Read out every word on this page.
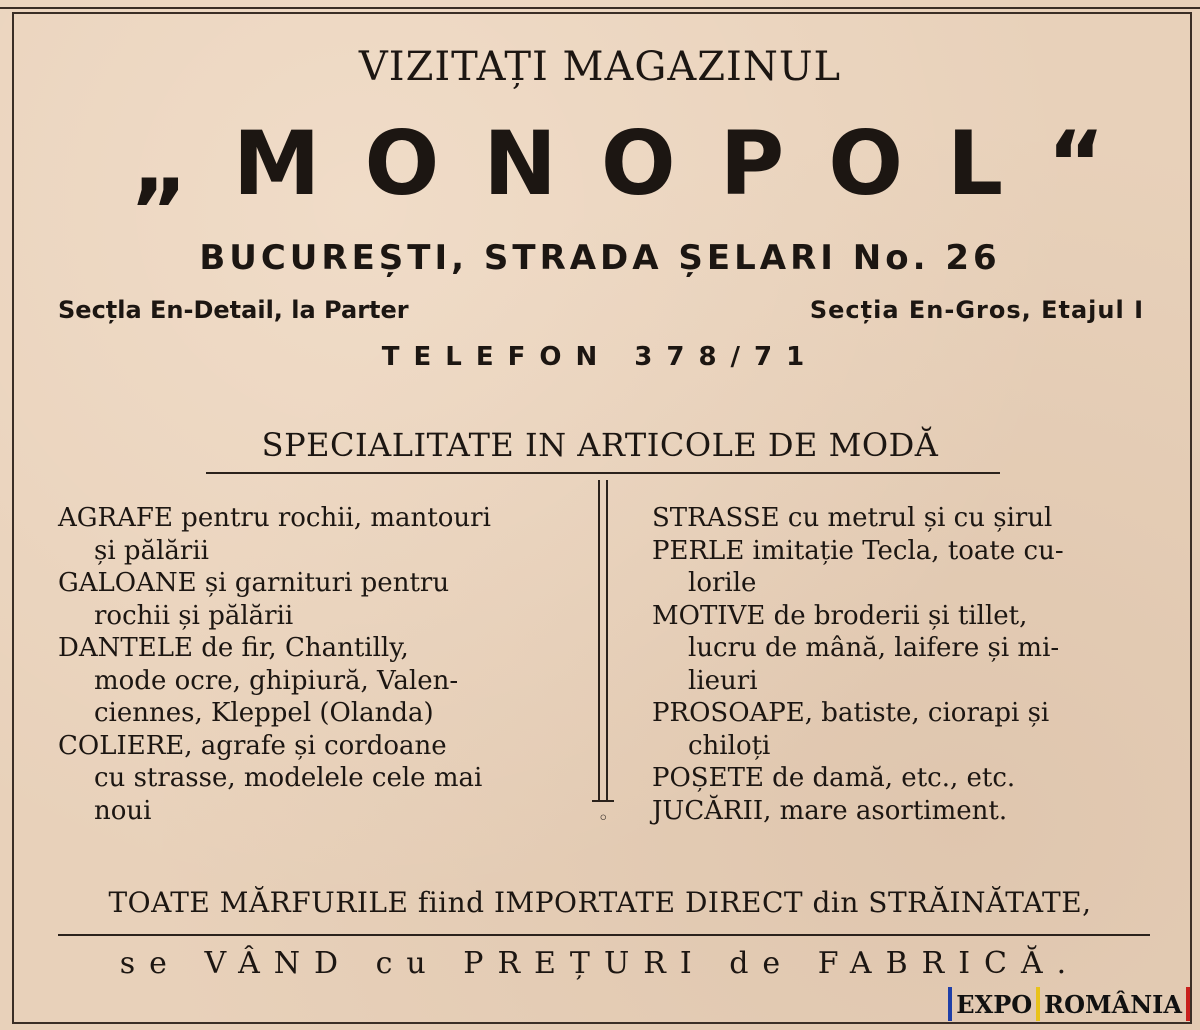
VIZITAȚI MAGAZINUL
„MONOPOL“
BUCUREȘTI, STRADA ȘELARI No. 26
Secțla En-Detail, la Parter	Secția En-Gros, Etajul I
TELEFON 378/71
SPECIALITATE IN ARTICOLE DE MODĂ
AGRAFE pentru rochii, mantouri
și pălării
GALOANE și garnituri pentru
rochii și pălării
DANTELE de fir, Chantilly,
mode ocre, ghipiură, Valen-
ciennes, Kleppel (Olanda)
COLIERE, agrafe și cordoane
cu strasse, modelele cele mai
noui	◦
STRASSE cu metrul și cu șirul
PERLE imitație Tecla, toate cu-
lorile
MOTIVE de broderii și tillet,
lucru de mână, laifere și mi-
lieuri
PROSOAPE, batiste, ciorapi și
chiloți
POȘETE de damă, etc., etc.
JUCĂRII, mare asortiment.
TOATE MĂRFURILE fiind IMPORTATE DIRECT din STRĂINĂTATE,
se VÂND cu PREȚURI de FABRICĂ.
EXPO ROMÂNIA
